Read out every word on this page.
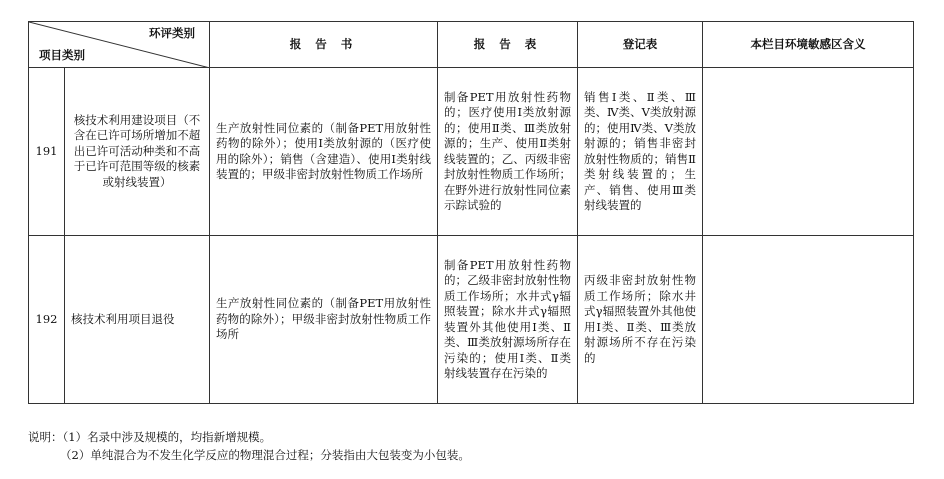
环评类别
项目类别		报 告 书	报 告 表	登记表	本栏目环境敏感区含义
191	核技术利用建设项目（不含在已许可场所增加不超出已许可活动种类和不高于已许可范围等级的核素或射线装置）	生产放射性同位素的（制备PET用放射性药物的除外）；使用Ⅰ类放射源的（医疗使用的除外）；销售（含建造）、使用Ⅰ类射线装置的；甲级非密封放射性物质工作场所	制备PET用放射性药物的；医疗使用Ⅰ类放射源的；使用Ⅱ类、Ⅲ类放射源的；生产、使用Ⅱ类射线装置的；乙、丙级非密封放射性物质工作场所；在野外进行放射性同位素示踪试验的	销售Ⅰ类、Ⅱ类、Ⅲ类、Ⅳ类、Ⅴ类放射源的；使用Ⅳ类、Ⅴ类放射源的；销售非密封放射性物质的；销售Ⅱ类射线装置的；生产、销售、使用Ⅲ类射线装置的	
192	核技术利用项目退役	生产放射性同位素的（制备PET用放射性药物的除外）；甲级非密封放射性物质工作场所	制备PET用放射性药物的；乙级非密封放射性物质工作场所；水井式γ辐照装置；除水井式γ辐照装置外其他使用Ⅰ类、Ⅱ类、Ⅲ类放射源场所存在污染的；使用Ⅰ类、Ⅱ类射线装置存在污染的	丙级非密封放射性物质工作场所；除水井式γ辐照装置外其他使用Ⅰ类、Ⅱ类、Ⅲ类放射源场所不存在污染的	
说明：（1）名录中涉及规模的，均指新增规模。
（2）单纯混合为不发生化学反应的物理混合过程；分装指由大包装变为小包装。
